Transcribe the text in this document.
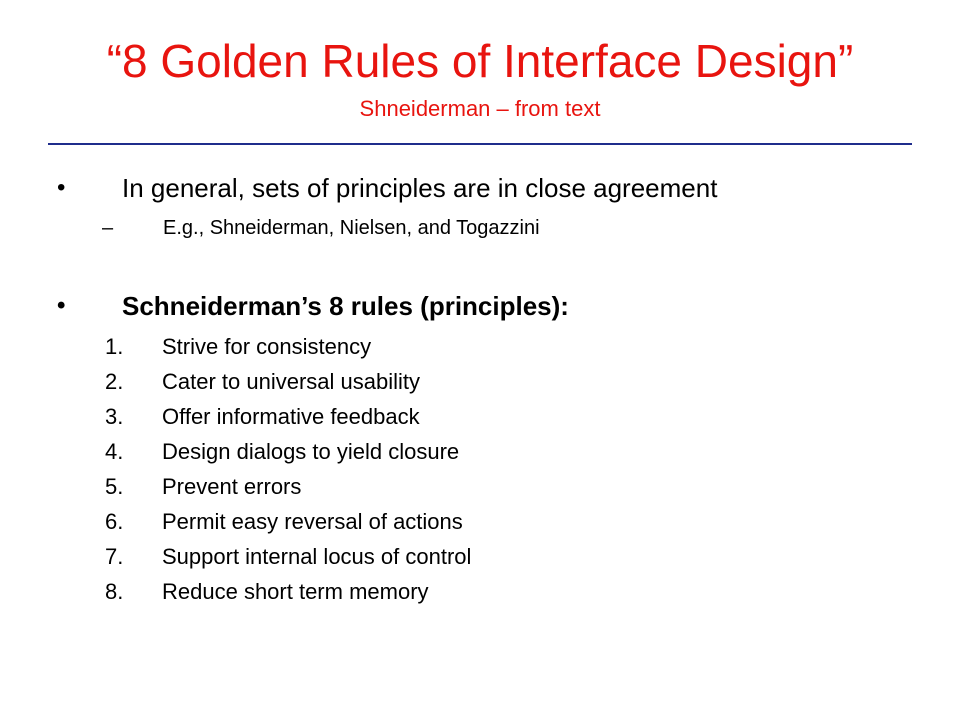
“8 Golden Rules of Interface Design”
Shneiderman – from text
• In general, sets of principles are in close agreement
– E.g., Shneiderman, Nielsen, and Togazzini
• Schneiderman’s 8 rules (principles):
1. Strive for consistency
2. Cater to universal usability
3. Offer informative feedback
4. Design dialogs to yield closure
5. Prevent errors
6. Permit easy reversal of actions
7. Support internal locus of control
8. Reduce short term memory
